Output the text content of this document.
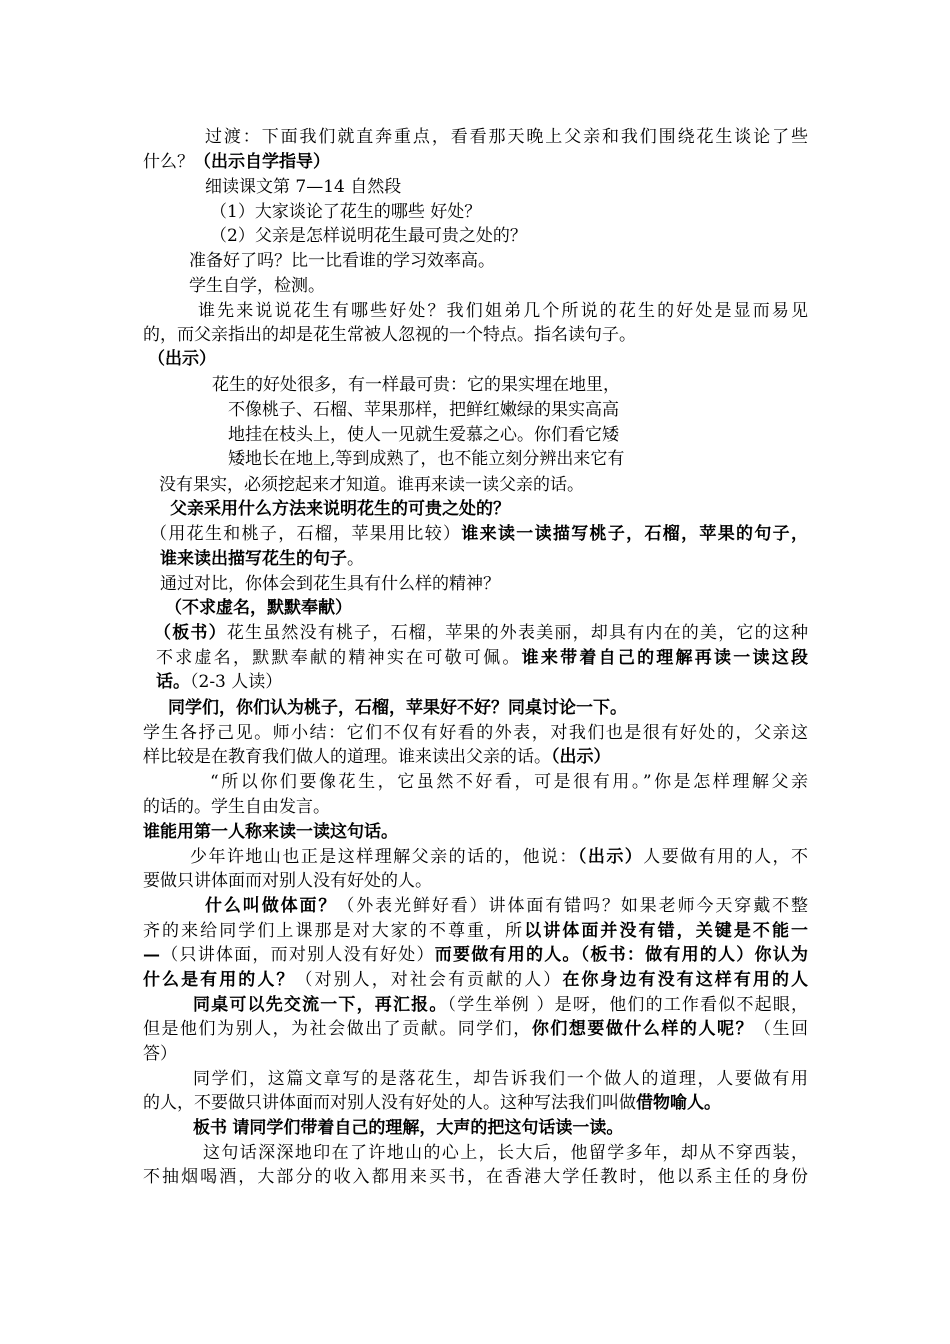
过渡：下面我们就直奔重点，看看那天晚上父亲和我们围绕花生谈论了些
什么？（出示自学指导）
细读课文第 7—14 自然段
（1）大家谈论了花生的哪些 好处？
（2）父亲是怎样说明花生最可贵之处的？
准备好了吗？比一比看谁的学习效率高。
学生自学，检测。
谁先来说说花生有哪些好处？我们姐弟几个所说的花生的好处是显而易见
的，而父亲指出的却是花生常被人忽视的一个特点。指名读句子。
（出示）
花生的好处很多，有一样最可贵：它的果实埋在地里，
不像桃子、石榴、苹果那样，把鲜红嫩绿的果实高高
地挂在枝头上，使人一见就生爱慕之心。你们看它矮
矮地长在地上,等到成熟了，也不能立刻分辨出来它有
没有果实，必须挖起来才知道。谁再来读一读父亲的话。
父亲采用什么方法来说明花生的可贵之处的？
（用花生和桃子，石榴，苹果用比较）谁来读一读描写桃子，石榴，苹果的句子，
谁来读出描写花生的句子。
通过对比，你体会到花生具有什么样的精神？
（不求虚名，默默奉献）
（板书）花生虽然没有桃子，石榴，苹果的外表美丽，却具有内在的美，它的这种
不求虚名，默默奉献的精神实在可敬可佩。谁来带着自己的理解再读一读这段
话。（2-3 人读）
同学们，你们认为桃子，石榴，苹果好不好？同桌讨论一下。
学生各抒己见。师小结：它们不仅有好看的外表，对我们也是很有好处的，父亲这
样比较是在教育我们做人的道理。谁来读出父亲的话。（出示）
“所以你们要像花生，它虽然不好看，可是很有用。”你是怎样理解父亲
的话的。学生自由发言。
谁能用第一人称来读一读这句话。
少年许地山也正是这样理解父亲的话的，他说：（出示）人要做有用的人，不
要做只讲体面而对别人没有好处的人。
什么叫做体面？（外表光鲜好看）讲体面有错吗？如果老师今天穿戴不整
齐的来给同学们上课那是对大家的不尊重，所以讲体面并没有错，关键是不能一
—（只讲体面，而对别人没有好处）而要做有用的人。（板书：做有用的人）你认为
什么是有用的人？（对别人，对社会有贡献的人）在你身边有没有这样有用的人
同桌可以先交流一下，再汇报。（学生举例 ）是呀，他们的工作看似不起眼，
但是他们为别人，为社会做出了贡献。同学们，你们想要做什么样的人呢？（生回
答）
同学们，这篇文章写的是落花生，却告诉我们一个做人的道理，人要做有用
的人，不要做只讲体面而对别人没有好处的人。这种写法我们叫做借物喻人。
板书 请同学们带着自己的理解，大声的把这句话读一读。
这句话深深地印在了许地山的心上，长大后，他留学多年，却从不穿西装，
不抽烟喝酒，大部分的收入都用来买书，在香港大学任教时，他以系主任的身份
